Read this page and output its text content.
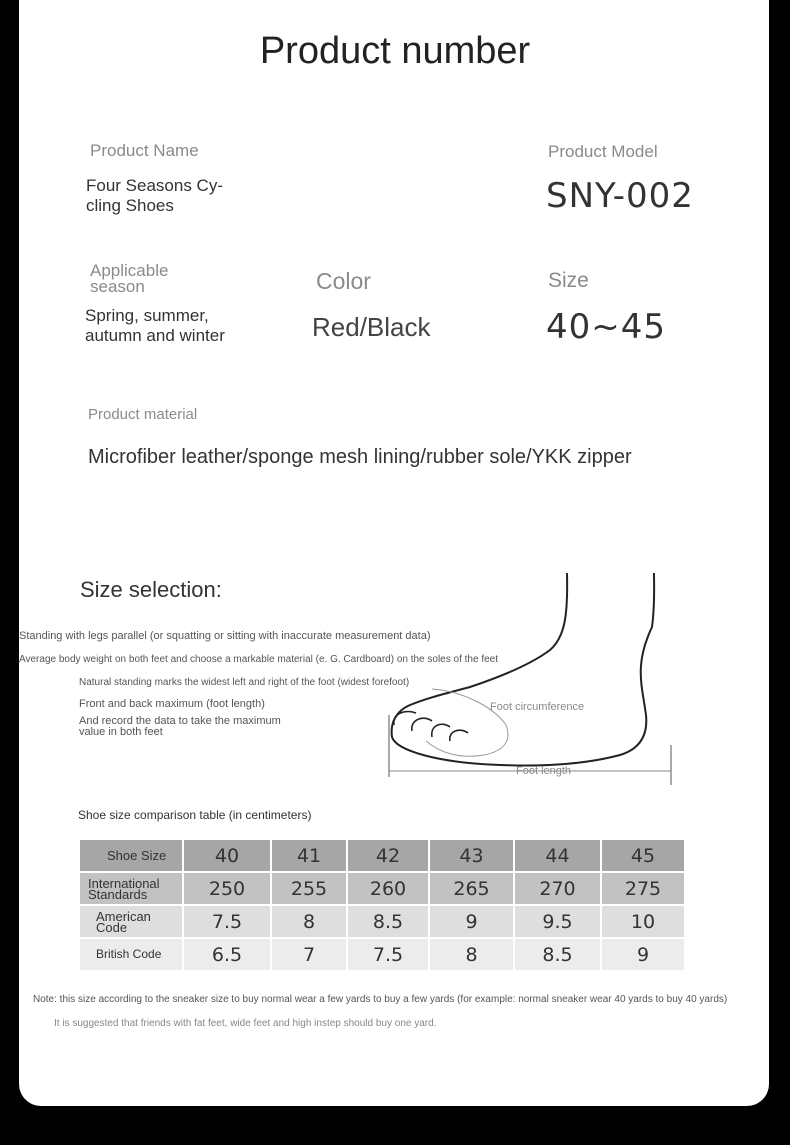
Product number
Product Name
Four Seasons Cy-cling Shoes
Product Model
SNY-002
Applicable season
Spring, summer, autumn and winter
Color
Red/Black
Size
40~45
Product material
Microfiber leather/sponge mesh lining/rubber sole/YKK zipper
Size selection:
Standing with legs parallel (or squatting or sitting with inaccurate measurement data)
Average body weight on both feet and choose a markable material (e. G. Cardboard) on the soles of the feet
Natural standing marks the widest left and right of the foot (widest forefoot)
Front and back maximum (foot length)
And record the data to take the maximum value in both feet
Foot circumference
Foot length
Shoe size comparison table (in centimeters)
Shoe Size	40	41	42	43	44	45
International Standards	250	255	260	265	270	275
American Code	7.5	8	8.5	9	9.5	10
British Code	6.5	7	7.5	8	8.5	9
Note: this size according to the sneaker size to buy normal wear a few yards to buy a few yards (for example: normal sneaker wear 40 yards to buy 40 yards)
It is suggested that friends with fat feet, wide feet and high instep should buy one yard.
